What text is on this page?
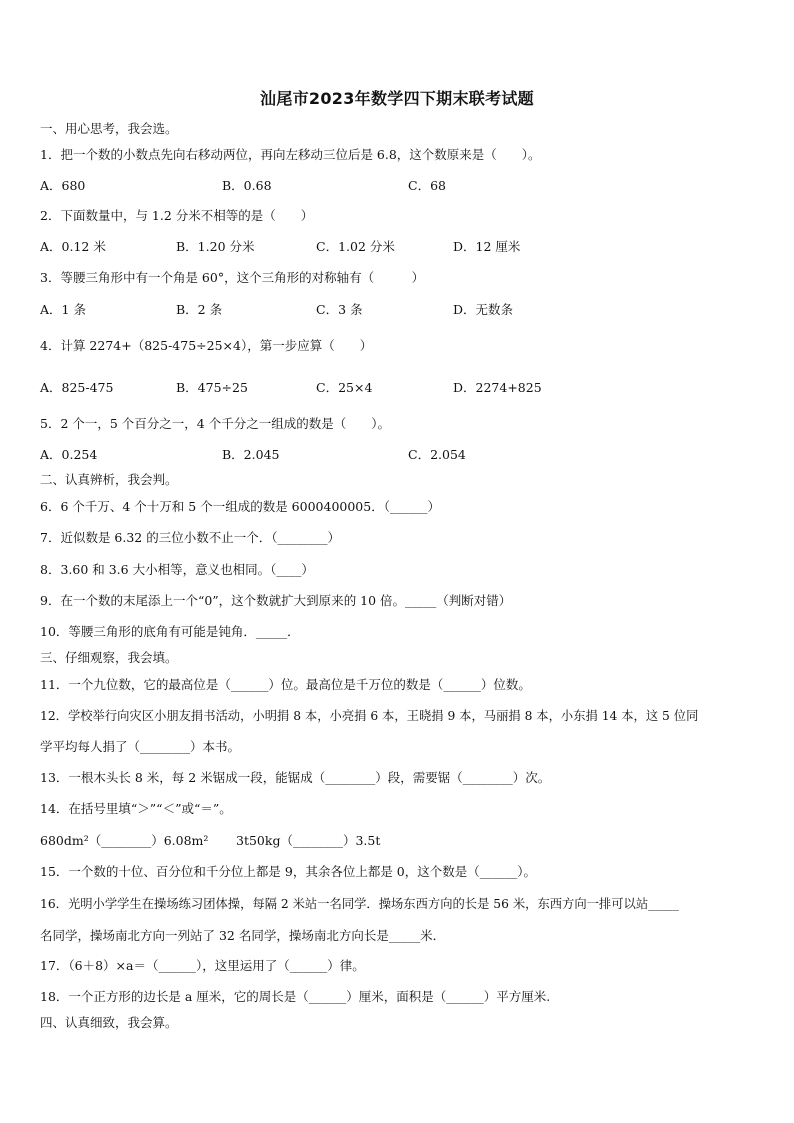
汕尾市2023年数学四下期末联考试题
一、用心思考，我会选。
1．把一个数的小数点先向右移动两位，再向左移动三位后是 6.8，这个数原来是（　　）。
A．680	B．0.68	C．68
2．下面数量中，与 1.2 分米不相等的是（　　）
A．0.12 米	B．1.20 分米	C．1.02 分米	D．12 厘米
3．等腰三角形中有一个角是 60°，这个三角形的对称轴有（　　　）
A．1 条	B．2 条	C．3 条	D．无数条
4．计算 2274+（825-475÷25×4），第一步应算（　　）
A．825-475	B．475÷25	C．25×4	D．2274+825
5．2 个一，5 个百分之一，4 个千分之一组成的数是（　　）。
A．0.254	B．2.045	C．2.054
二、认真辨析，我会判。
6．6 个千万、4 个十万和 5 个一组成的数是 6000400005．（______）
7．近似数是 6.32 的三位小数不止一个．（________）
8．3.60 和 3.6 大小相等，意义也相同。（____）
9．在一个数的末尾添上一个“0”，这个数就扩大到原来的 10 倍。_____（判断对错）
10．等腰三角形的底角有可能是钝角．_____．
三、仔细观察，我会填。
11．一个九位数，它的最高位是（______）位。最高位是千万位的数是（______）位数。
12．学校举行向灾区小朋友捐书活动，小明捐 8 本，小亮捐 6 本，王晓捐 9 本，马丽捐 8 本，小东捐 14 本，这 5 位同
学平均每人捐了（________）本书。
13．一根木头长 8 米，每 2 米锯成一段，能锯成（________）段，需要锯（________）次。
14．在括号里填“＞”“＜”或“＝”。
680dm²（________）6.08m² 3t50kg（________）3.5t
15．一个数的十位、百分位和千分位上都是 9，其余各位上都是 0，这个数是（______）。
16．光明小学学生在操场练习团体操，每隔 2 米站一名同学．操场东西方向的长是 56 米，东西方向一排可以站_____
名同学，操场南北方向一列站了 32 名同学，操场南北方向长是_____米．
17．（6＋8）×a＝（______），这里运用了（______）律。
18．一个正方形的边长是 a 厘米，它的周长是（______）厘米，面积是（______）平方厘米.
四、认真细致，我会算。
